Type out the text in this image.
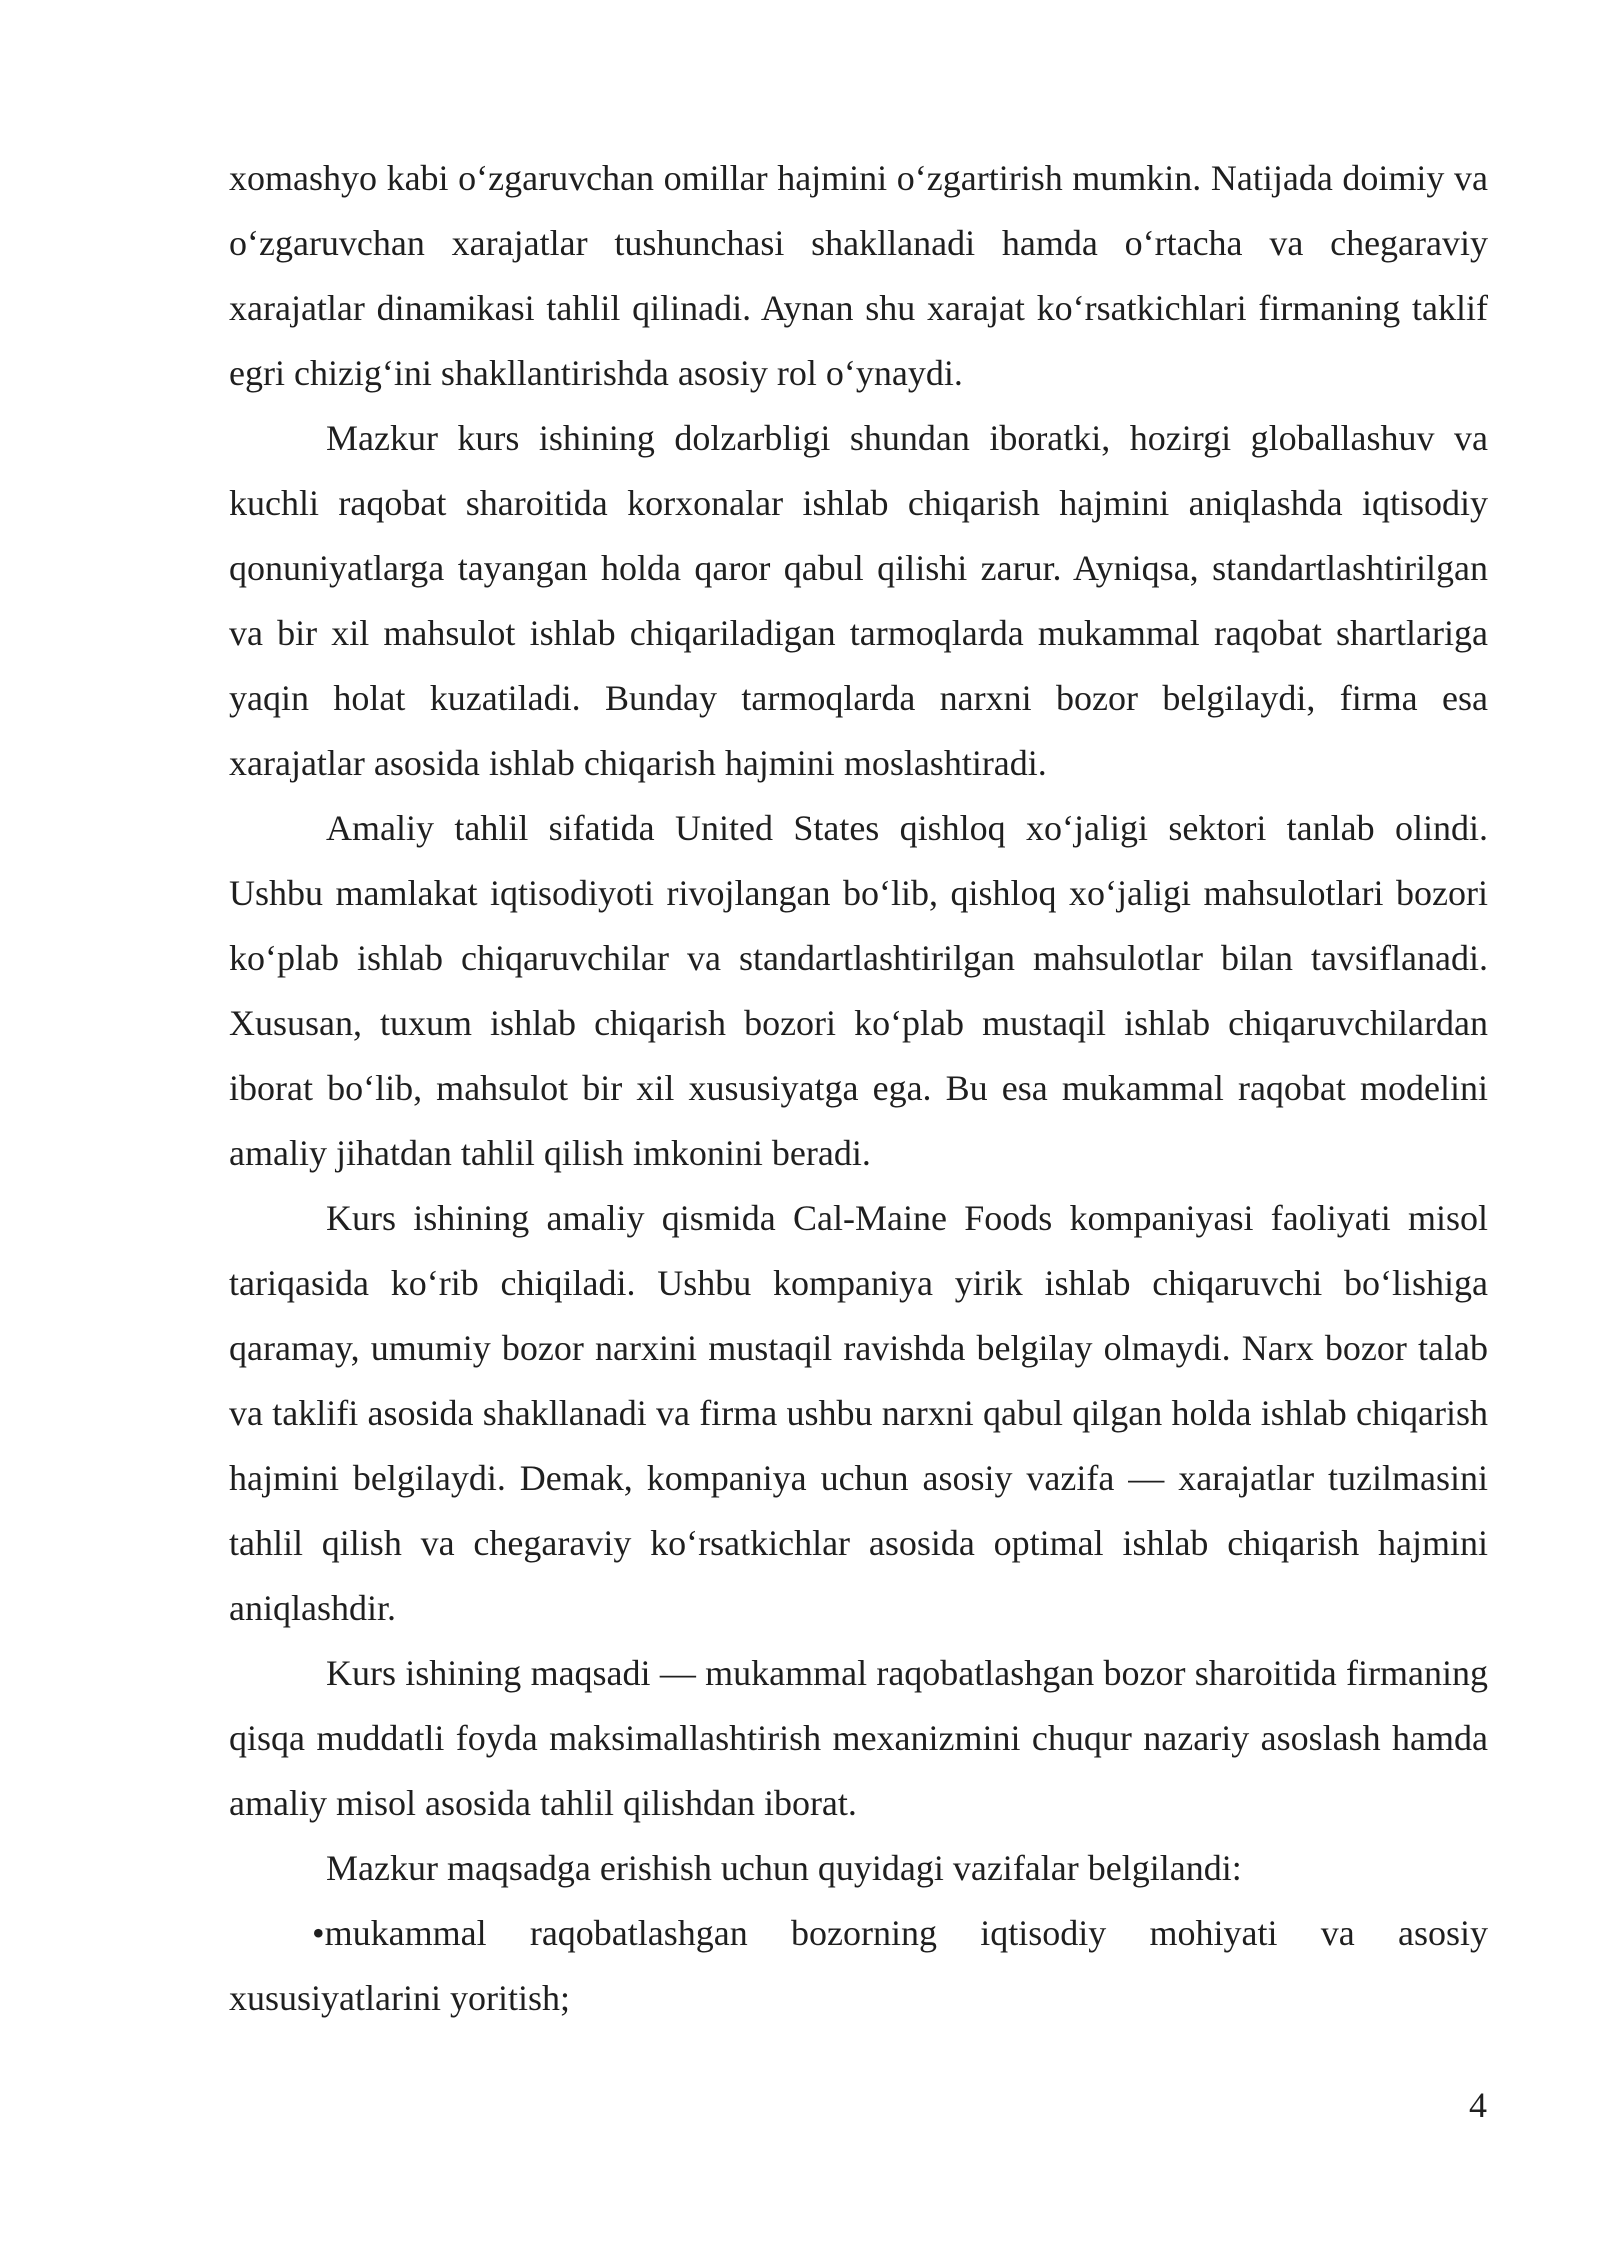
xomashyo kabi o‘zgaruvchan omillar hajmini o‘zgartirish mumkin. Natijada doimiy va o‘zgaruvchan xarajatlar tushunchasi shakllanadi hamda o‘rtacha va chegaraviy xarajatlar dinamikasi tahlil qilinadi. Aynan shu xarajat ko‘rsatkichlari firmaning taklif egri chizig‘ini shakllantirishda asosiy rol o‘ynaydi.

Mazkur kurs ishining dolzarbligi shundan iboratki, hozirgi globallashuv va kuchli raqobat sharoitida korxonalar ishlab chiqarish hajmini aniqlashda iqtisodiy qonuniyatlarga tayangan holda qaror qabul qilishi zarur. Ayniqsa, standartlashtirilgan va bir xil mahsulot ishlab chiqariladigan tarmoqlarda mukammal raqobat shartlariga yaqin holat kuzatiladi. Bunday tarmoqlarda narxni bozor belgilaydi, firma esa xarajatlar asosida ishlab chiqarish hajmini moslashtiradi.

Amaliy tahlil sifatida United States qishloq xo‘jaligi sektori tanlab olindi. Ushbu mamlakat iqtisodiyoti rivojlangan bo‘lib, qishloq xo‘jaligi mahsulotlari bozori ko‘plab ishlab chiqaruvchilar va standartlashtirilgan mahsulotlar bilan tavsiflanadi. Xususan, tuxum ishlab chiqarish bozori ko‘plab mustaqil ishlab chiqaruvchilardan iborat bo‘lib, mahsulot bir xil xususiyatga ega. Bu esa mukammal raqobat modelini amaliy jihatdan tahlil qilish imkonini beradi.

Kurs ishining amaliy qismida Cal-Maine Foods kompaniyasi faoliyati misol tariqasida ko‘rib chiqiladi. Ushbu kompaniya yirik ishlab chiqaruvchi bo‘lishiga qaramay, umumiy bozor narxini mustaqil ravishda belgilay olmaydi. Narx bozor talab va taklifi asosida shakllanadi va firma ushbu narxni qabul qilgan holda ishlab chiqarish hajmini belgilaydi. Demak, kompaniya uchun asosiy vazifa — xarajatlar tuzilmasini tahlil qilish va chegaraviy ko‘rsatkichlar asosida optimal ishlab chiqarish hajmini aniqlashdir.

Kurs ishining maqsadi — mukammal raqobatlashgan bozor sharoitida firmaning qisqa muddatli foyda maksimallashtirish mexanizmini chuqur nazariy asoslash hamda amaliy misol asosida tahlil qilishdan iborat.

Mazkur maqsadga erishish uchun quyidagi vazifalar belgilandi:

•mukammal raqobatlashgan bozorning iqtisodiy mohiyati va asosiy xususiyatlarini yoritish;

4
